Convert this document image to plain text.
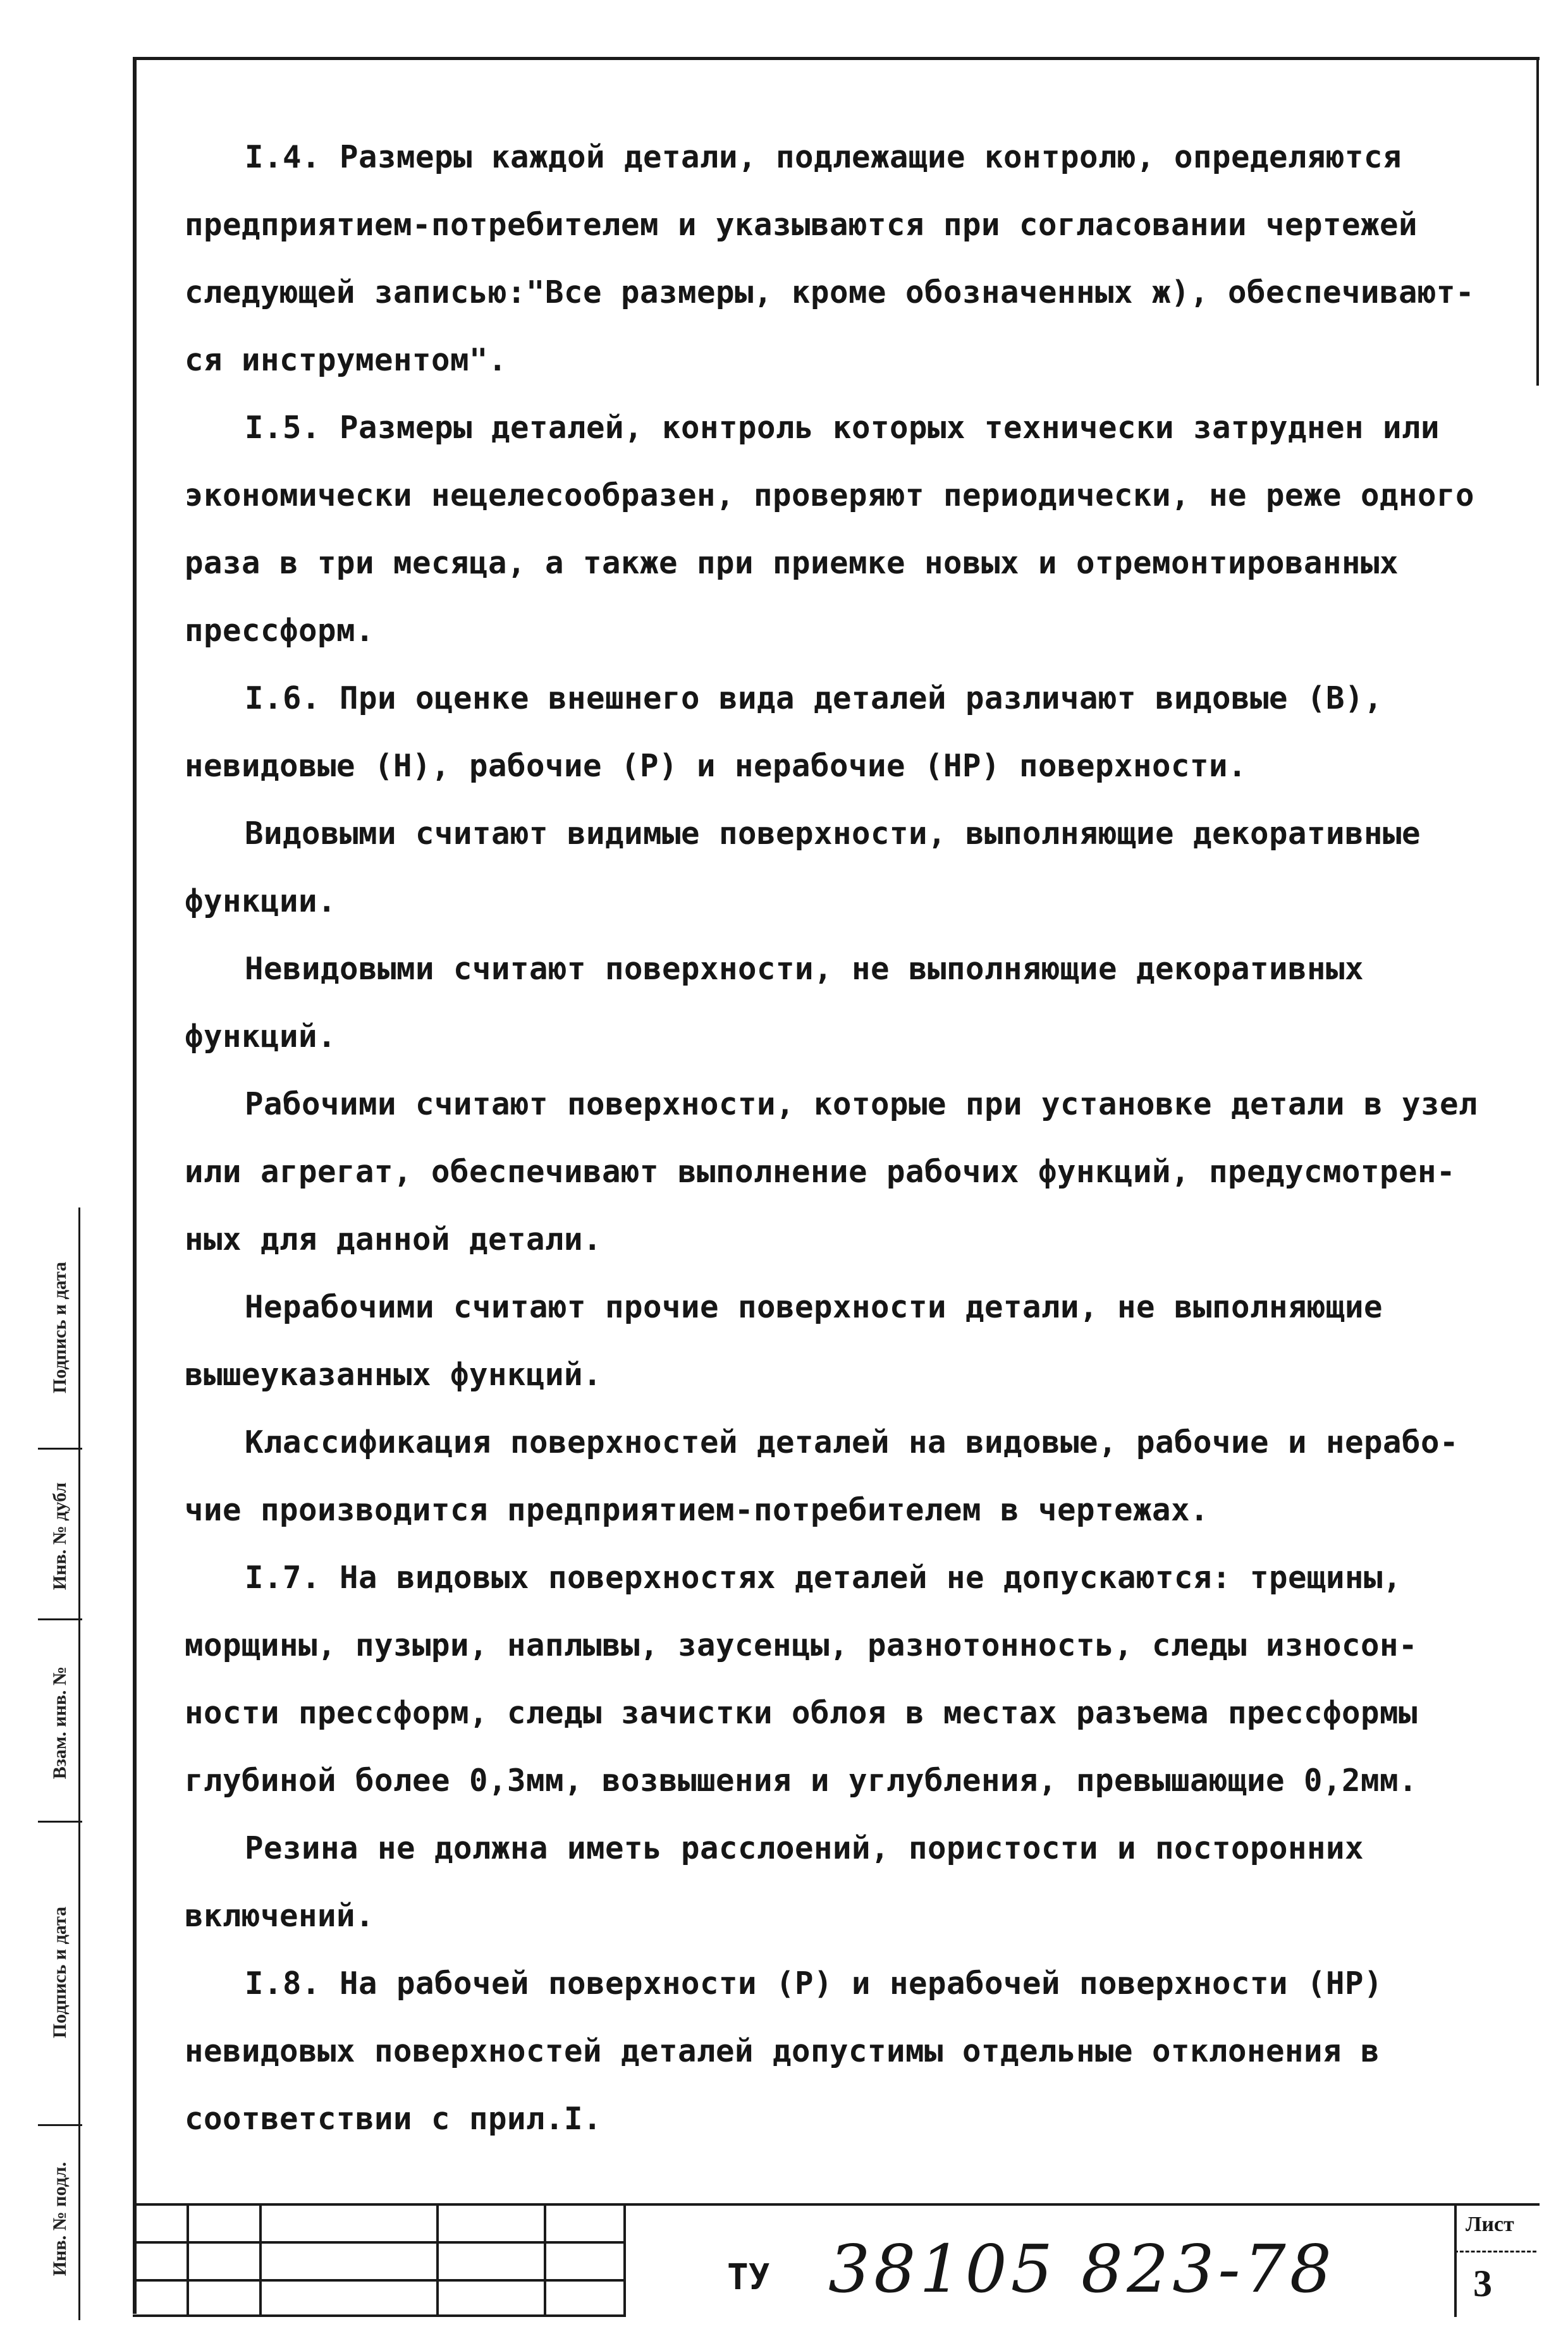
I.4. Размеры каждой детали, подлежащие контролю, определяются
предприятием-потребителем и указываются при согласовании чертежей
следующей записью:"Все размеры, кроме обозначенных ж), обеспечивают-
ся инструментом".
I.5. Размеры деталей, контроль которых технически затруднен или
экономически нецелесообразен, проверяют периодически, не реже одного
раза в три месяца, а также при приемке новых и отремонтированных
прессформ.
I.6. При оценке внешнего вида деталей различают видовые (В),
невидовые (Н), рабочие (Р) и нерабочие (НР) поверхности.
Видовыми считают видимые поверхности, выполняющие декоративные
функции.
Невидовыми считают поверхности, не выполняющие декоративных
функций.
Рабочими считают поверхности, которые при установке детали в узел
или агрегат, обеспечивают выполнение рабочих функций, предусмотрен-
ных для данной детали.
Нерабочими считают прочие поверхности детали, не выполняющие
вышеуказанных функций.
Классификация поверхностей деталей на видовые, рабочие и нерабо-
чие производится предприятием-потребителем в чертежах.
I.7. На видовых поверхностях деталей не допускаются: трещины,
морщины, пузыри, наплывы, заусенцы, разнотонность, следы износон-
ности прессформ, следы зачистки облоя в местах разъема прессформы
глубиной более 0,3мм, возвышения и углубления, превышающие 0,2мм.
Резина не должна иметь расслоений, пористости и посторонних
включений.
I.8. На рабочей поверхности (Р) и нерабочей поверхности (НР)
невидовых поверхностей деталей допустимы отдельные отклонения в
соответствии с прил.I.
Подпись и дата
Инв. № дубл
Взам. инв. №
Подпись и дата
Инв. № подл.
ТУ 38105 823-78
Лист
3
